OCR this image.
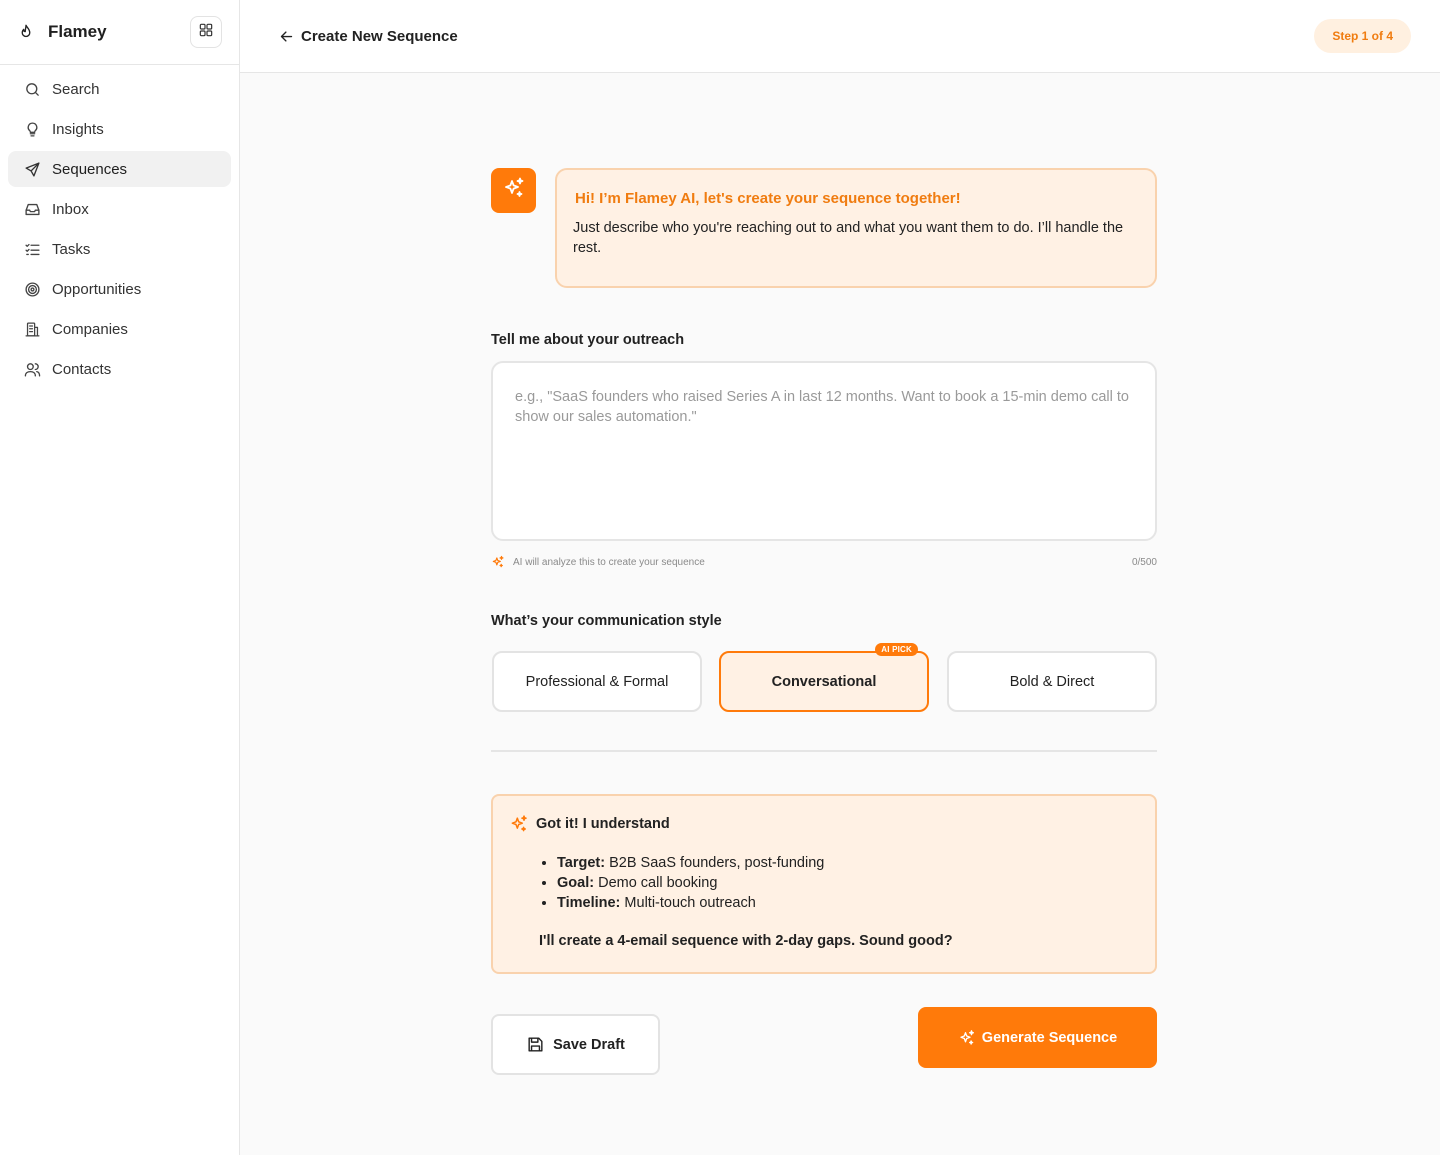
Flamey
Search
Insights
Sequences
Inbox
Tasks
Opportunities
Companies
Contacts
Create New Sequence	Step 1 of 4
Hi! I’m Flamey AI, let's create your sequence together!
Just describe who you're reaching out to and what you want them to do. I’ll handle the rest.
Tell me about your outreach
e.g., "SaaS founders who raised Series A in last 12 months. Want to book a 15-min demo call to show our sales automation."
AI will analyze this to create your sequence	0/500
What’s your communication style
Professional & Formal	Conversational
AI PICK
Bold & Direct
Got it! I understand
• Target: B2B SaaS founders, post-funding
• Goal: Demo call booking
• Timeline: Multi-touch outreach
I'll create a 4-email sequence with 2-day gaps. Sound good?
Save Draft	Generate Sequence
